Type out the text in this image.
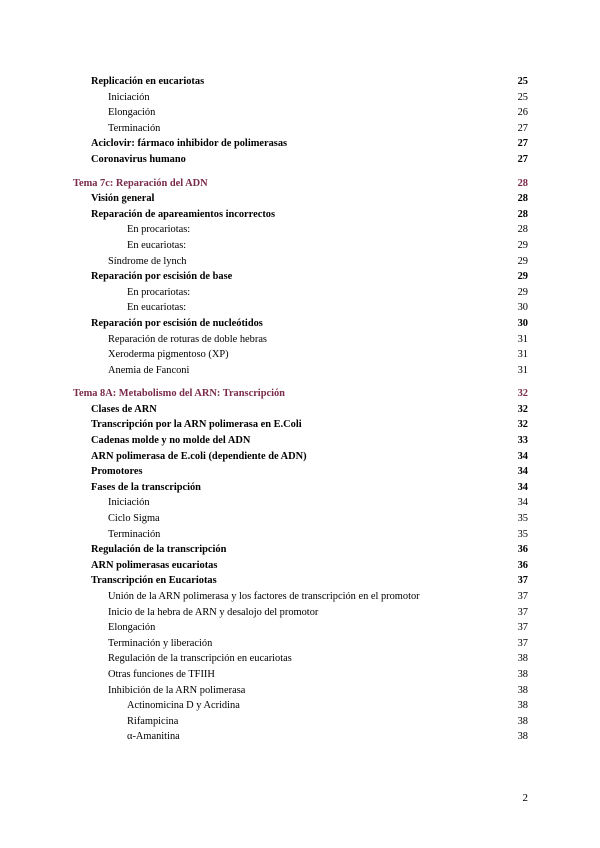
Replicación en eucariotas	25
Iniciación	25
Elongación	26
Terminación	27
Aciclovir: fármaco inhibidor de polimerasas	27
Coronavirus humano	27
Tema 7c: Reparación del ADN	28
Visión general	28
Reparación de apareamientos incorrectos	28
En procariotas:	28
En eucariotas:	29
Síndrome de lynch	29
Reparación por escisión de base	29
En procariotas:	29
En eucariotas:	30
Reparación por escisión de nucleótidos	30
Reparación de roturas de doble hebras	31
Xeroderma pigmentoso (XP)	31
Anemia de Fanconi	31
Tema 8A: Metabolismo del ARN: Transcripción	32
Clases de ARN	32
Transcripción por la ARN polimerasa en E.Coli	32
Cadenas molde y no molde del ADN	33
ARN polimerasa de E.coli (dependiente de ADN)	34
Promotores	34
Fases de la transcripción	34
Iniciación	34
Ciclo Sigma	35
Terminación	35
Regulación de la transcripción	36
ARN polimerasas eucariotas	36
Transcripción en Eucariotas	37
Unión de la ARN polimerasa y los factores de transcripción en el promotor	37
Inicio de la hebra de ARN y desalojo del promotor	37
Elongación	37
Terminación y liberación	37
Regulación de la transcripción en eucariotas	38
Otras funciones de TFIIH	38
Inhibición de la ARN polimerasa	38
Actinomicina D y Acridina	38
Rifampicina	38
α-Amanitina	38
2
